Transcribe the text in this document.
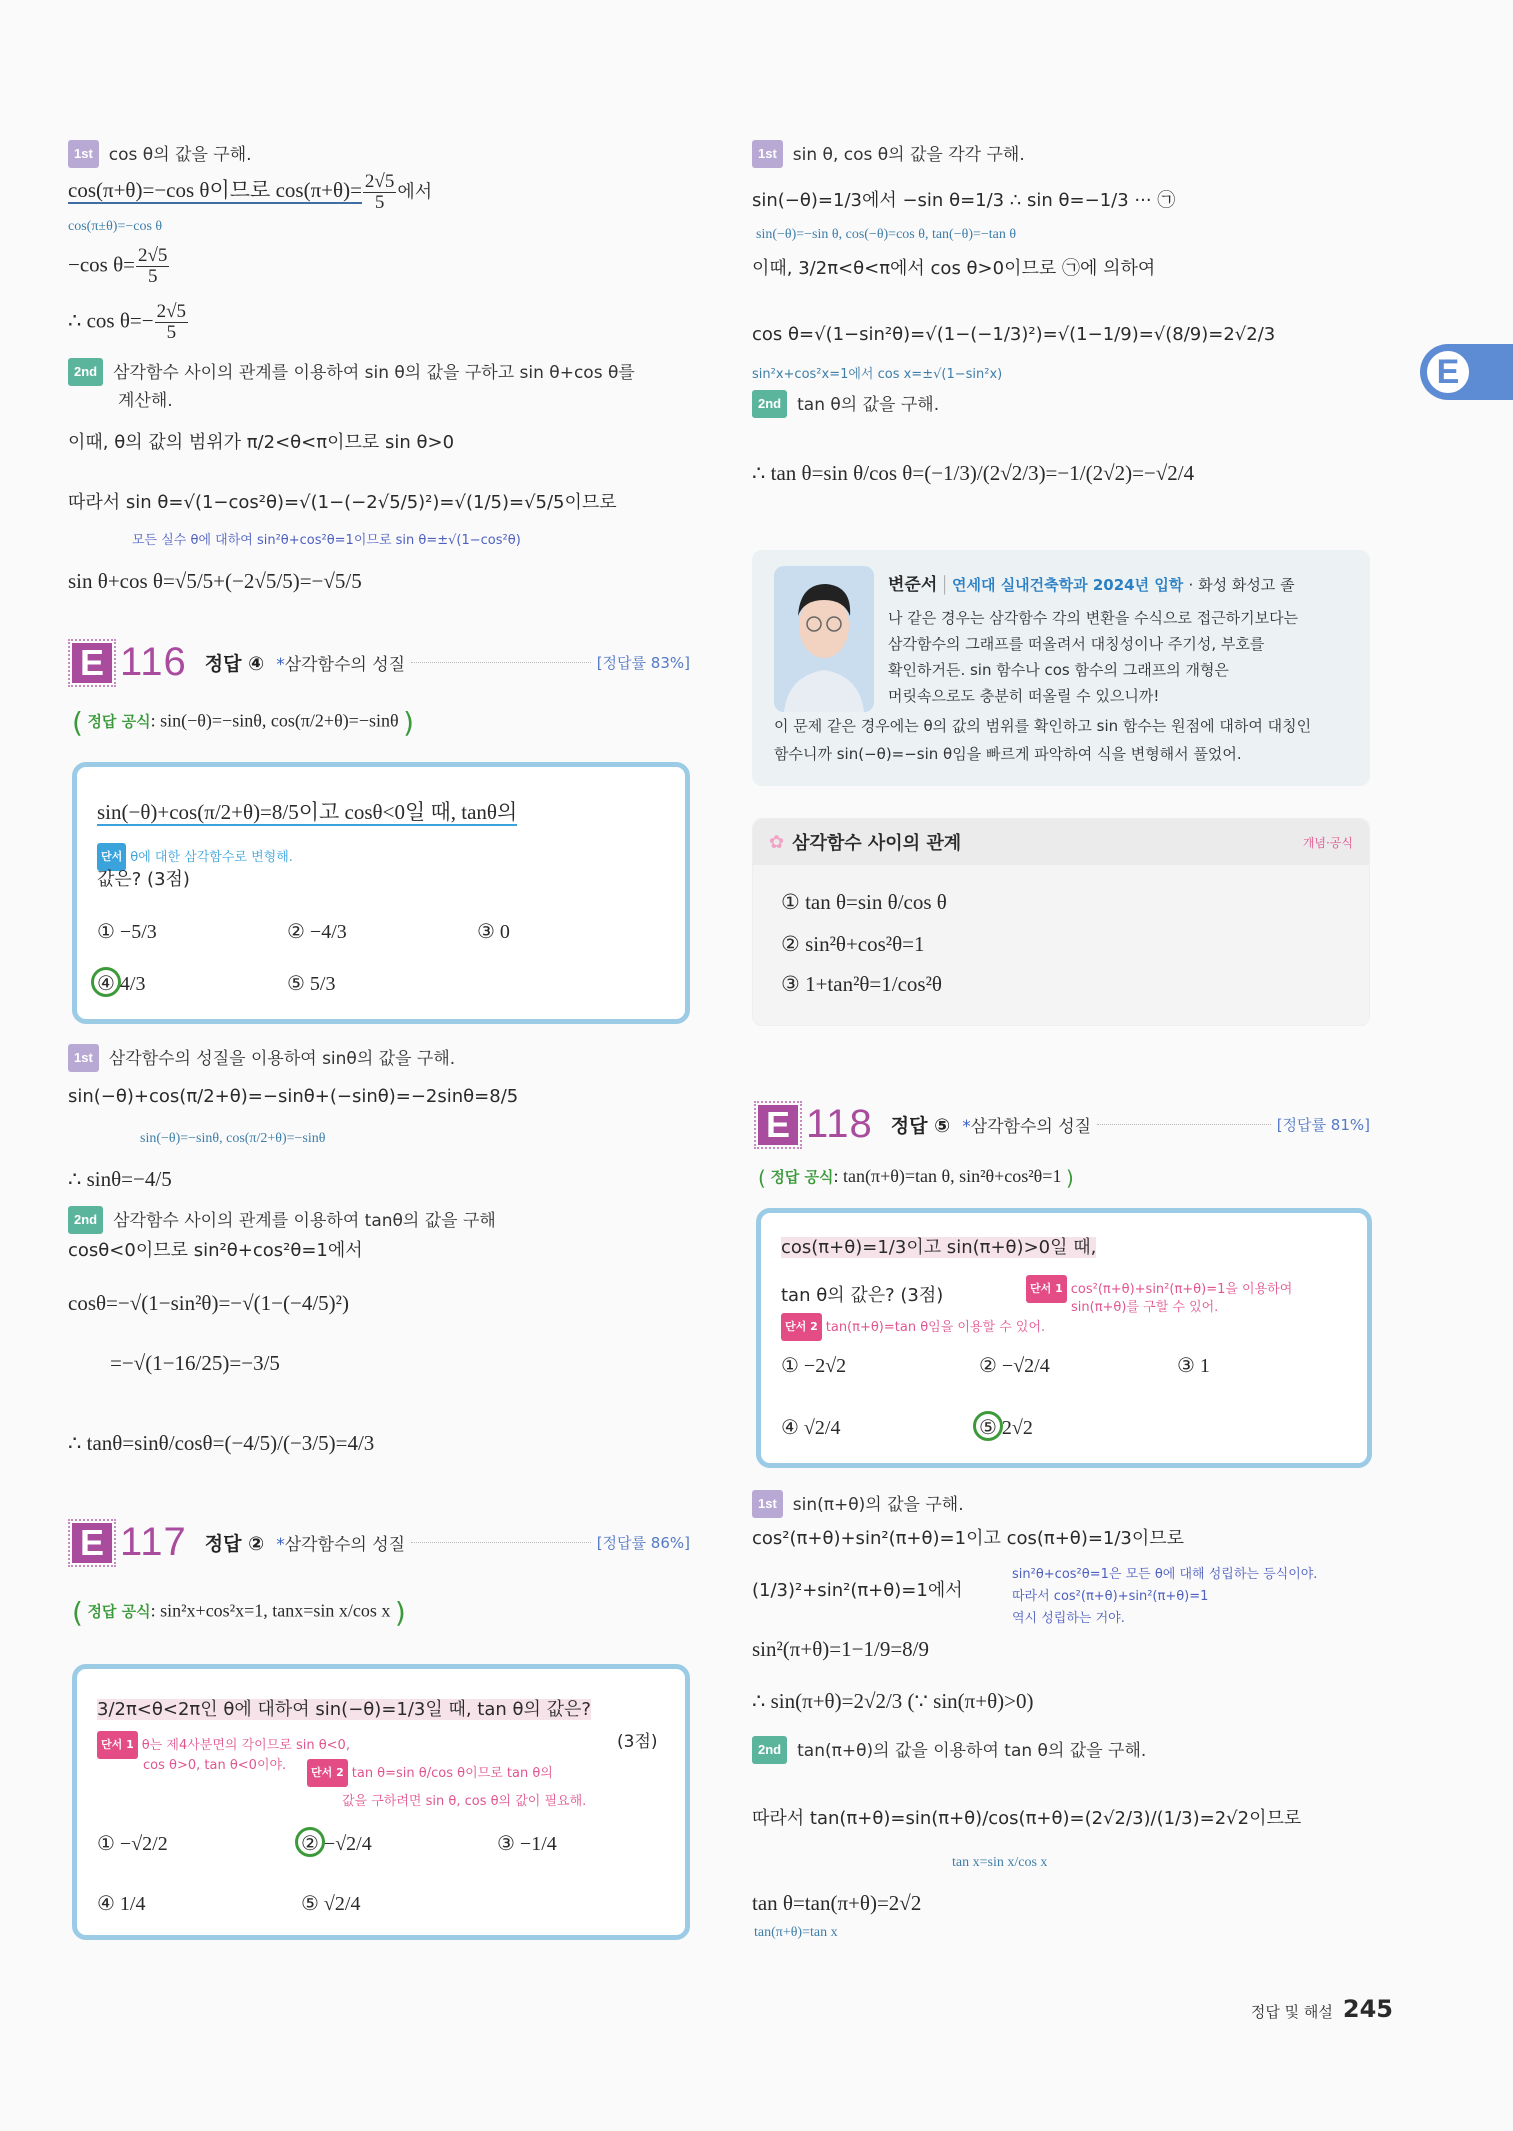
E
1st cos θ의 값을 구해.
cos(π+θ)=−cos θ이므로 $\cos(\pi+\theta)= \frac{2√5}{5}$ 에서
cos(π±θ)=−cos θ
−cos $\theta= \frac{2√5}{5}$
∴ $\cos \theta=- \frac{2√5}{5}$
2nd 삼각함수 사이의 관계를 이용하여 sin θ의 값을 구하고 sin θ+cos θ를
계산해.
이때, θ의 값의 범위가 π/2<θ<π이므로 sin θ>0
따라서 sin θ=√(1−cos²θ)=√(1−(−2√5/5)²)=√(1/5)=√5/5이므로
모든 실수 θ에 대하여 sin²θ+cos²θ=1이므로 sin θ=±√(1−cos²θ)
sin θ+cos θ=√5/5+(−2√5/5)=−√5/5
E 116 정답 ④ *삼각함수의 성질	[정답률 83%]
( 정답 공식: sin(−θ)=−sinθ, cos(π/2+θ)=−sinθ )
sin(−θ)+cos(π/2+θ)=8/5이고 cosθ<0일 때, tanθ의
단서 θ에 대한 삼각함수로 변형해.
값은? (3점)
① −5/3	② −4/3	③ 0
④ 4/3	⑤ 5/3
1st 삼각함수의 성질을 이용하여 sinθ의 값을 구해.
sin(−θ)+cos(π/2+θ)=−sinθ+(−sinθ)=−2sinθ=8/5
sin(−θ)=−sinθ, cos(π/2+θ)=−sinθ
∴ sinθ=−4/5
2nd 삼각함수 사이의 관계를 이용하여 tanθ의 값을 구해
cosθ<0이므로 sin²θ+cos²θ=1에서
cosθ=−√(1−sin²θ)=−√(1−(−4/5)²)
=−√(1−16/25)=−3/5
∴ tanθ=sinθ/cosθ=(−4/5)/(−3/5)=4/3
E 117 정답 ② *삼각함수의 성질	[정답률 86%]
( 정답 공식: sin²x+cos²x=1, tanx=sin x/cos x )
3/2π<θ<2π인 θ에 대하여 sin(−θ)=1/3일 때, tan θ의 값은?
(3점)
단서 1 θ는 제4사분면의 각이므로 sin θ<0,
cos θ>0, tan θ<0이야.	단서 2 tan θ=sin θ/cos θ이므로 tan θ의
값을 구하려면 sin θ, cos θ의 값이 필요해.
① −√2/2	② −√2/4	③ −1/4
④ 1/4	⑤ √2/4
1st sin θ, cos θ의 값을 각각 구해.
sin(−θ)=1/3에서 −sin θ=1/3 ∴ sin θ=−1/3 ··· ㉠
sin(−θ)=−sin θ, cos(−θ)=cos θ, tan(−θ)=−tan θ
이때, 3/2π<θ<π에서 cos θ>0이므로 ㉠에 의하여
cos θ=√(1−sin²θ)=√(1−(−1/3)²)=√(1−1/9)=√(8/9)=2√2/3
sin²x+cos²x=1에서 cos x=±√(1−sin²x)
2nd tan θ의 값을 구해.
∴ tan θ=sin θ/cos θ=(−1/3)/(2√2/3)=−1/(2√2)=−√2/4
변준서 | 연세대 실내건축학과 2024년 입학 · 화성 화성고 졸
나 같은 경우는 삼각함수 각의 변환을 수식으로 접근하기보다는
삼각함수의 그래프를 떠올려서 대칭성이나 주기성, 부호를
확인하거든. sin 함수나 cos 함수의 그래프의 개형은
머릿속으로도 충분히 떠올릴 수 있으니까!
이 문제 같은 경우에는 θ의 값의 범위를 확인하고 sin 함수는 원점에 대하여 대칭인
함수니까 sin(−θ)=−sin θ임을 빠르게 파악하여 식을 변형해서 풀었어.
✿ 삼각함수 사이의 관계	개념·공식
① tan θ=sin θ/cos θ
② sin²θ+cos²θ=1
③ 1+tan²θ=1/cos²θ
E 118 정답 ⑤ *삼각함수의 성질	[정답률 81%]
( 정답 공식: tan(π+θ)=tan θ, sin²θ+cos²θ=1 )
cos(π+θ)=1/3이고 sin(π+θ)>0일 때,
단서 1 cos²(π+θ)+sin²(π+θ)=1을 이용하여
sin(π+θ)를 구할 수 있어.
tan θ의 값은? (3점)
단서 2 tan(π+θ)=tan θ임을 이용할 수 있어.
① −2√2	② −√2/4	③ 1
④ √2/4	⑤ 2√2
1st sin(π+θ)의 값을 구해.
cos²(π+θ)+sin²(π+θ)=1이고 cos(π+θ)=1/3이므로
sin²θ+cos²θ=1은 모든 θ에 대해 성립하는 등식이야.
따라서 cos²(π+θ)+sin²(π+θ)=1
역시 성립하는 거야.
(1/3)²+sin²(π+θ)=1에서
sin²(π+θ)=1−1/9=8/9
∴ sin(π+θ)=2√2/3 (∵ sin(π+θ)>0)
2nd tan(π+θ)의 값을 이용하여 tan θ의 값을 구해.
따라서 tan(π+θ)=sin(π+θ)/cos(π+θ)=(2√2/3)/(1/3)=2√2이므로
tan x=sin x/cos x
tan θ=tan(π+θ)=2√2
tan(π+θ)=tan x
정답 및 해설 245
